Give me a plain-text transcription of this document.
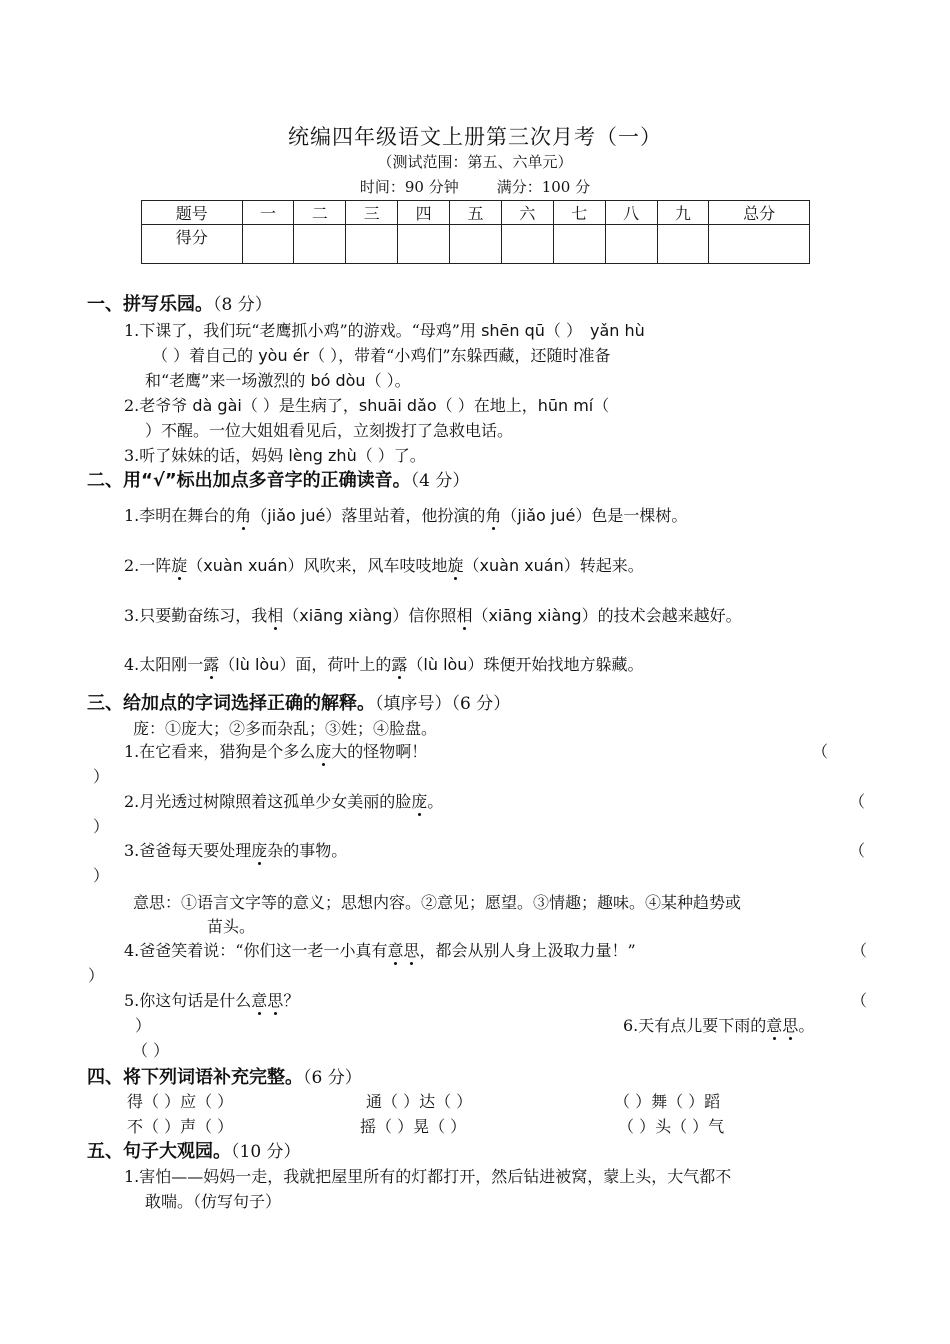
统编四年级语文上册第三次月考（一）
（测试范围：第五、六单元）
时间：90 分钟	满分：100 分
题号	一	二	三	四	五	六	七	八	九	总分
得分										
一、拼写乐园。（8 分）
1.下课了，我们玩“老鹰抓小鸡”的游戏。“母鸡”用 shēn qū（ ） yǎn hù
（ ）着自己的 yòu ér（ ），带着“小鸡们”东躲西藏，还随时准备
和“老鹰”来一场激烈的 bó dòu（ ）。
2.老爷爷 dà gài（ ）是生病了，shuāi dǎo（ ）在地上，hūn mí（
）不醒。一位大姐姐看见后，立刻拨打了急救电话。
3.听了妹妹的话，妈妈 lèng zhù（ ）了。
二、用“√”标出加点多音字的正确读音。（4 分）
1.李明在舞台的角（jiǎo jué）落里站着，他扮演的角（jiǎo jué）色是一棵树。
2.一阵旋（xuàn xuán）风吹来，风车吱吱地旋（xuàn xuán）转起来。
3.只要勤奋练习，我相（xiāng xiàng）信你照相（xiāng xiàng）的技术会越来越好。
4.太阳刚一露（lù lòu）面，荷叶上的露（lù lòu）珠便开始找地方躲藏。
三、给加点的字词选择正确的解释。（填序号）（6 分）
庞：①庞大；②多而杂乱；③姓；④脸盘。
1.在它看来，猎狗是个多么庞大的怪物啊！	（
）
2.月光透过树隙照着这孤单少女美丽的脸庞。	（
）
3.爸爸每天要处理庞杂的事物。	（
）
意思：①语言文字等的意义；思想内容。②意见；愿望。③情趣；趣味。④某种趋势或
苗头。
4.爸爸笑着说：“你们这一老一小真有意思，都会从别人身上汲取力量！”	（
）
5.你这句话是什么意思？	（
）	6.天有点儿要下雨的意思。
（ ）
四、将下列词语补充完整。（6 分）
得（ ）应（ ）	通（ ）达（ ）	（ ）舞（ ）蹈
不（ ）声（ ）	摇（ ）晃（ ）	（ ）头（ ）气
五、句子大观园。（10 分）
1.害怕——妈妈一走，我就把屋里所有的灯都打开，然后钻进被窝，蒙上头，大气都不
敢喘。（仿写句子）
